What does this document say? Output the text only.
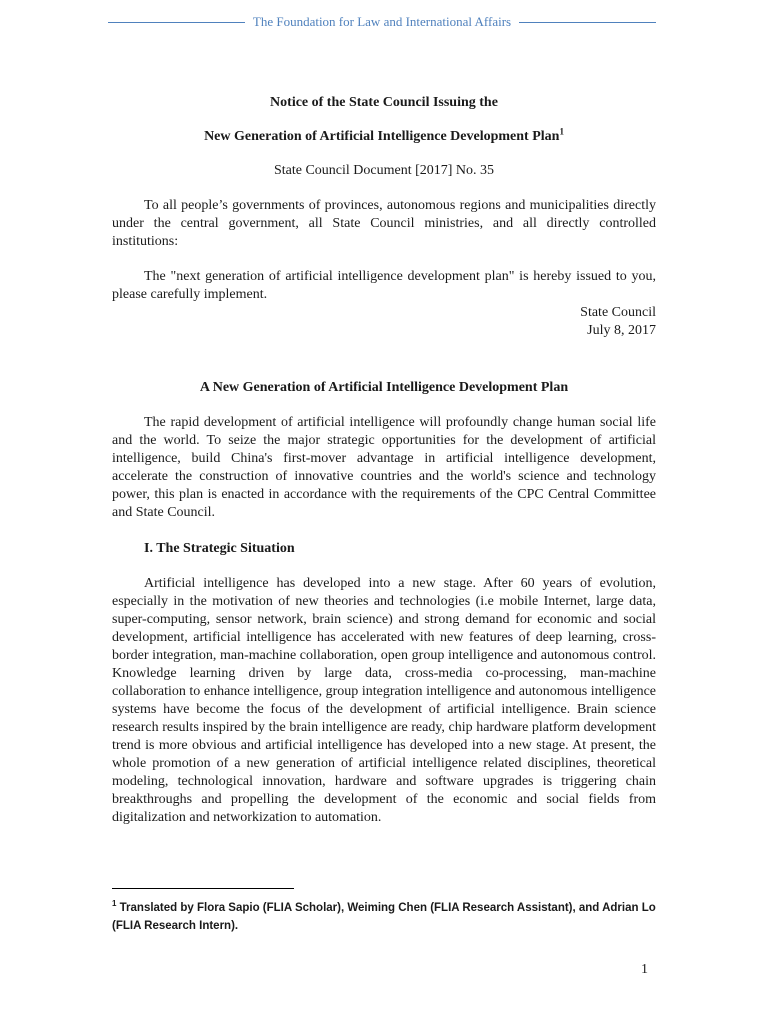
The Foundation for Law and International Affairs

Notice of the State Council Issuing the

New Generation of Artificial Intelligence Development Plan$^1$

State Council Document [2017] No. 35

To all people’s governments of provinces, autonomous regions and municipalities directly under the central government, all State Council ministries, and all directly controlled institutions:

The "next generation of artificial intelligence development plan" is hereby issued to you, please carefully implement.

State Council

July 8, 2017

A New Generation of Artificial Intelligence Development Plan

The rapid development of artificial intelligence will profoundly change human social life and the world. To seize the major strategic opportunities for the development of artificial intelligence, build China's first-mover advantage in artificial intelligence development, accelerate the construction of innovative countries and the world's science and technology power, this plan is enacted in accordance with the requirements of the CPC Central Committee and State Council.

I. The Strategic Situation

Artificial intelligence has developed into a new stage. After 60 years of evolution, especially in the motivation of new theories and technologies (i.e mobile Internet, large data, super-computing, sensor network, brain science) and strong demand for economic and social development, artificial intelligence has accelerated with new features of deep learning, cross-border integration, man-machine collaboration, open group intelligence and autonomous control. Knowledge learning driven by large data, cross-media co-processing, man-machine collaboration to enhance intelligence, group integration intelligence and autonomous intelligence systems have become the focus of the development of artificial intelligence. Brain science research results inspired by the brain intelligence are ready, chip hardware platform development trend is more obvious and artificial intelligence has developed into a new stage. At present, the whole promotion of a new generation of artificial intelligence related disciplines, theoretical modeling, technological innovation, hardware and software upgrades is triggering chain breakthroughs and propelling the development of the economic and social fields from digitalization and networkization to automation.

$^1$ Translated by Flora Sapio (FLIA Scholar), Weiming Chen (FLIA Research Assistant), and Adrian Lo (FLIA Research Intern).
1
